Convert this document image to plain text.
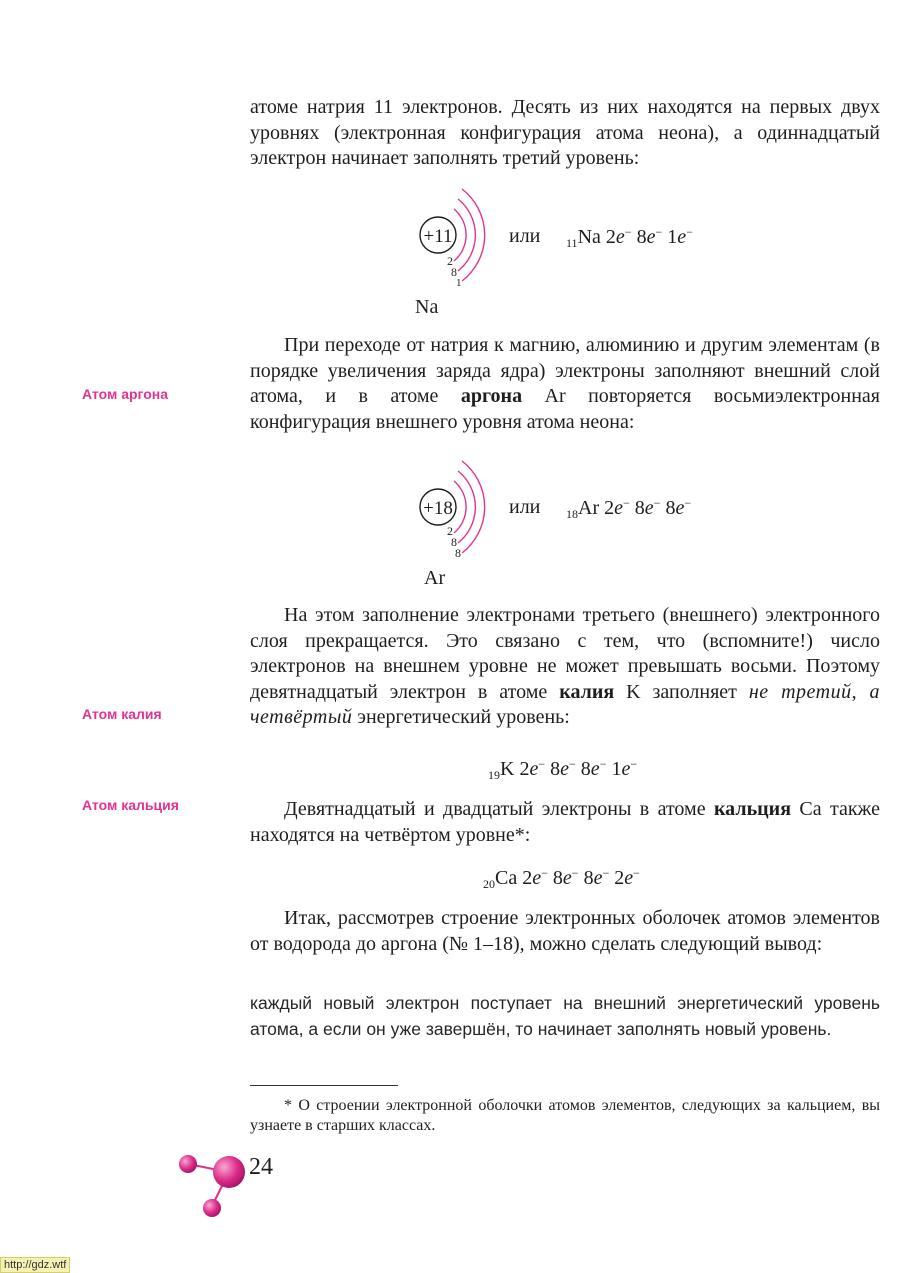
атоме натрия 11 электронов. Десять из них находятся на первых двух уровнях (электронная конфигурация атома неона), а одиннадцатый электрон начинает заполнять третий уровень:

+11
2
8
1
или $_{11}$Na 2e− 8e− 1e−
Na

При переходе от натрия к магнию, алюминию и другим элементам (в порядке увеличения заряда ядра) электроны заполняют внешний слой атома, и в атоме аргона Ar повторяется восьмиэлектронная конфигурация внешнего уровня атома неона:

Атом аргона
+18
2
8
8
или $_{18}$Ar 2e− 8e− 8e−
Ar

На этом заполнение электронами третьего (внешнего) электронного слоя прекращается. Это связано с тем, что (вспомните!) число электронов на внешнем уровне не может превышать восьми. Поэтому девятнадцатый электрон в атоме калия K заполняет не третий, а четвёртый энергетический уровень:

Атом калия
$_{19}$K 2e− 8e− 8e− 1e−

Девятнадцатый и двадцатый электроны в атоме кальция Ca также находятся на четвёртом уровне*:

Атом кальция
$_{20}$Ca 2e− 8e− 8e− 2e−

Итак, рассмотрев строение электронных оболочек атомов элементов от водорода до аргона (№ 1–18), можно сделать следующий вывод:

каждый новый электрон поступает на внешний энергетический уровень атома, а если он уже завершён, то начинает заполнять новый уровень.

* О строении электронной оболочки атомов элементов, следующих за кальцием, вы узнаете в старших классах.

24
http://gdz.wtf
